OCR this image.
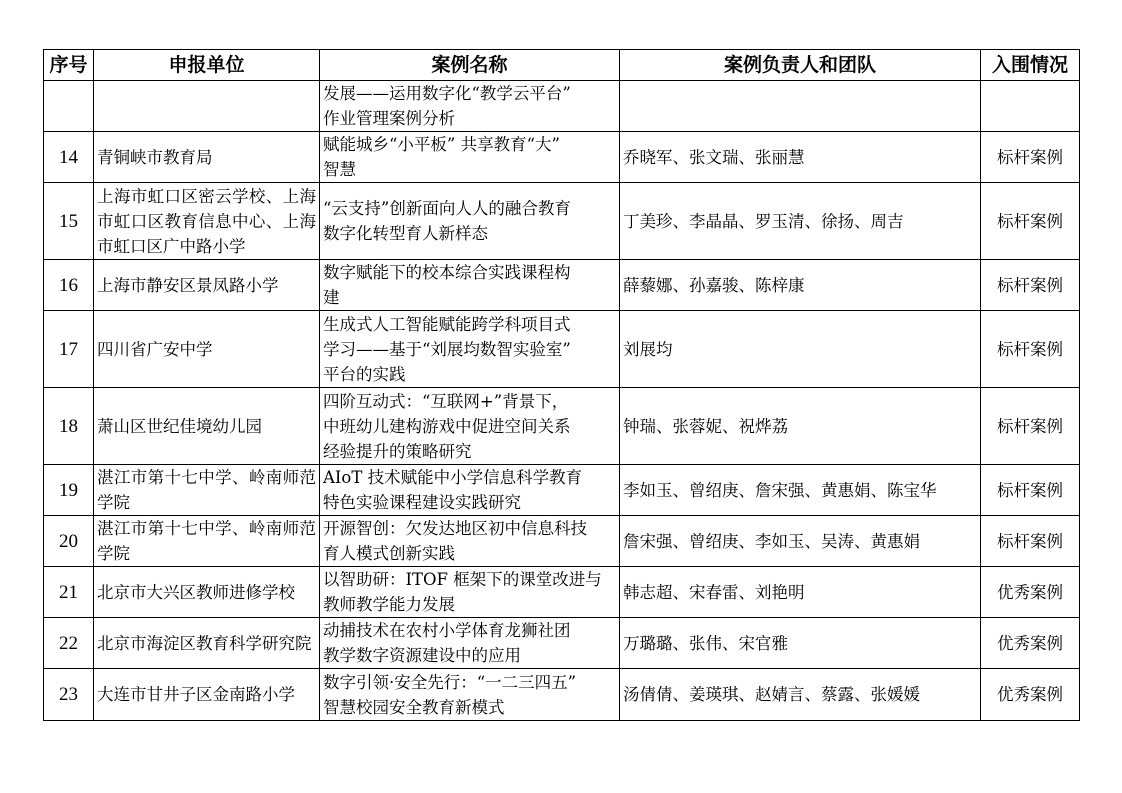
序号	申报单位	案例名称	案例负责人和团队	入围情况

		发展——运用数字化“教学云平台”
作业管理案例分析		

14	青铜峡市教育局	赋能城乡“小平板” 共享教育“大”
智慧	乔晓军、张文瑞、张丽慧	标杆案例
15	上海市虹口区密云学校、上海市虹口区教育信息中心、上海市虹口区广中路小学	“云支持”创新面向人人的融合教育
数字化转型育人新样态	丁美珍、李晶晶、罗玉清、徐扬、周吉	标杆案例
16	上海市静安区景凤路小学	数字赋能下的校本综合实践课程构
建	薛藜娜、孙嘉骏、陈梓康	标杆案例
17	四川省广安中学	生成式人工智能赋能跨学科项目式
学习——基于“刘展均数智实验室”
平台的实践	刘展均	标杆案例
18	萧山区世纪佳境幼儿园	四阶互动式：“互联网+”背景下，
中班幼儿建构游戏中促进空间关系
经验提升的策略研究	钟瑞、张蓉妮、祝烨荔	标杆案例
19	湛江市第十七中学、岭南师范学院	AIoT 技术赋能中小学信息科学教育
特色实验课程建设实践研究	李如玉、曾绍庚、詹宋强、黄惠娟、陈宝华	标杆案例
20	湛江市第十七中学、岭南师范学院	开源智创：欠发达地区初中信息科技
育人模式创新实践	詹宋强、曾绍庚、李如玉、吴涛、黄惠娟	标杆案例
21	北京市大兴区教师进修学校	以智助研：ITOF 框架下的课堂改进与
教师教学能力发展	韩志超、宋春雷、刘艳明	优秀案例
22	北京市海淀区教育科学研究院	动捕技术在农村小学体育龙狮社团
教学数字资源建设中的应用	万璐璐、张伟、宋官雅	优秀案例
23	大连市甘井子区金南路小学	数字引领·安全先行：“一二三四五”
智慧校园安全教育新模式	汤倩倩、姜瑛琪、赵婧言、蔡露、张媛媛	优秀案例
